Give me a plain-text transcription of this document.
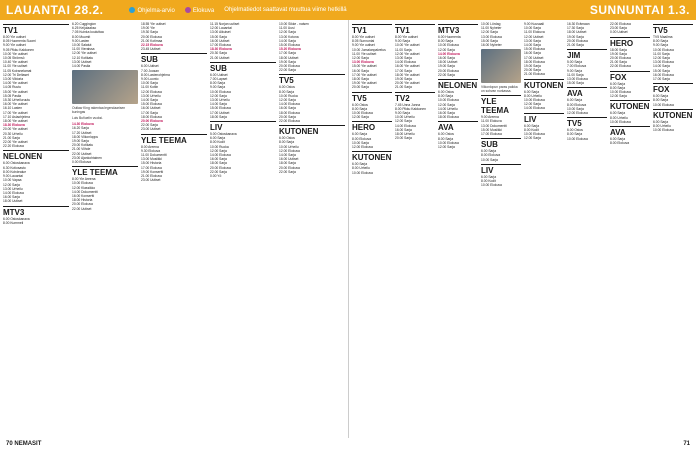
LAUANTAI 28.2.	Ohjelma-arvio	Elokuva Ohjelmatiedot saattavat muuttua viime hetkillä	SUNNUNTAI 1.3.
TV1
8.00 Yle uutiset
8.05 Huomenta Suomi
9.00 Yle uutiset
9.05 Pikku Kakkonen
10.00 Yle uutiset
10.05 Strömsö
10.40 Yle uutiset
11.00 Yle uutiset
11.05 Koiranelamat
12.00 Tri Deltaset
13.00 Viktoria
14.00 Yle uutiset
14.05 Ruutu
15.00 Yle uutiset
15.05 Pasila
15.30 Urheiluruutu
16.00 Yle uutiset
16.10 Lasten
17.00 Yle uutiset
17.10 Asiaohjelma
18.00 Yle uutiset
18.30 Elokuva
20.00 Yle uutiset
20.30 Urheilu
21.00 Sarja
22.00 Yle uutiset
22.20 Elokuva
NELONEN
6.00 Ostoskanava
6.30 Kotiosasto
8.00 Kohdealue
9.00 Lauantai
10.00 Vapaa
12.00 Sarja
13.00 Urheilu
14.00 Elokuva
16.00 Sarja
18.00 Uutiset
MTV3
6.00 Ostoskanava
8.00 Kummeli
6.20 Cuggingion
6.25 Keijulaakso
7.05 Kuinka kouluttaa
8.00 Muumit
9.00 Lasten
10.00 Salatut
11.00 Vieraissa
12.00 Yle uutiset
12.10 Kotikatu
13.00 Uutiset
14.00 Pasila
Outlaw King rakentaa legendaarisen kuningas
Luis Buñuelin vuoksi.
14.30 Elokuva
16.20 Sarja
17.20 Uutiset
18.00 Viikonloppu
19.00 Sarja
20.00 Kotikatu
21.00 Viihde
22.00 Uutiset
23.00 Ajankohtainen
0.00 Elokuva
YLE TEEMA
8.00 Yle Areena
10.00 Elokuva
12.00 Klassikko
14.00 Dokumentti
16.00 Konsertti
18.00 Historia
20.00 Elokuva
22.00 Uutiset
18.55 Yle uutiset
19.00 Yle
19.30 Sarja
20.00 Elokuva
21.00 Kotimaa
22.15 Elokuva
23.45 Uutiset
SUB
6.00 Uutiset
7.00 Joosan
8.00 Lastenohjelma
9.00 Luonto
10.00 Sarja
11.00 Kotiin
12.00 Elokuva
13.00 Urheilu
14.00 Sarja
15.00 Elokuva
16.00 Uutiset
17.00 Sarja
18.00 Elokuva
20.00 Elokuva
22.00 Sarja
23.00 Uutiset
YLE TEEMA
8.00 Areena
9.30 Elokuva
11.00 Dokumentti
13.00 Musiikki
15.00 Historia
17.00 Elokuva
19.00 Konsertti
21.00 Elokuva
23.00 Uutiset
11.15 Norjan uutiset
12.00 Lauantai
13.00 Aikuiset
15.00 Sarja
16.00 Uutiset
17.00 Elokuva
18.30 Elokuva
20.30 Sarja
21.00 Uutiset
SUB
6.00 Uutiset
7.00 Lapset
8.00 Sarja
9.00 Sarja
10.00 Elokuva
12.00 Sarja
13.00 Urheilu
14.00 Sarja
15.00 Elokuva
17.00 Uutiset
18.00 Sarja
LIV
5.00 Ostoskanava
6.00 Sarja
8.00 Kodit
10.00 Ruoka
12.00 Sarja
14.00 Elokuva
16.00 Sarja
18.00 Sarja
20.00 Elokuva
22.00 Sarja
0.00 Yö
10.00 Sikke - naisen
11.00 Uusi
12.00 Sarja
13.00 Kotona
14.00 Sarja
15.00 Elokuva
15.20 Elokuva
17.00 Sarja
18.00 Uutiset
19.00 Sarja
20.00 Elokuva
22.00 Sarja
TV5
6.00 Ostos
8.00 Sarja
10.00 Ruoka
12.00 Sarja
14.00 Elokuva
16.00 Sarja
18.00 Elokuva
20.00 Sarja
22.00 Elokuva
KUTONEN
6.00 Ostos
8.00 Sarja
10.00 Urheilu
12.00 Elokuva
14.00 Sarja
16.00 Uutiset
18.00 Sarja
20.00 Elokuva
22.00 Sarja
TV1
8.00 Yle uutiset
8.05 Sunnuntai
9.00 Yle uutiset
10.00 Jumalanpalvelus
11.00 Yle uutiset
12.00 Sarja
13.00 Elokuva
15.00 Yle uutiset
16.00 Sarja
17.00 Yle uutiset
18.00 Sarja
19.00 Yle uutiset
20.00 Sarja
TV5
6.00 Ostos
8.00 Sarja
10.00 Elokuva
12.00 Sarja
HERO
6.00 Sarja
8.00 Elokuva
10.00 Sarja
12.00 Elokuva
KUTONEN
6.00 Sarja
8.00 Urheilu
10.00 Elokuva
TV1
8.00 Yle uutiset
9.00 Sarja
10.00 Yle uutiset
11.00 Sarja
12.00 Yle uutiset
13.00 Sarja
14.00 Elokuva
16.00 Yle uutiset
17.00 Sarja
18.00 Yle uutiset
19.00 Sarja
20.00 Yle uutiset
21.00 Sarja
TV2
7.45 Unna Junna
8.00 Pikku Kakkonen
9.00 Sarja
10.00 Urheilu
12.00 Sarja
14.00 Elokuva
16.00 Sarja
18.00 Urheilu
20.00 Sarja
MTV3
6.00 Huomenta
8.00 Sarja
10.00 Elokuva
12.00 Sarja
14.00 Elokuva
16.00 Sarja
18.00 Uutiset
19.00 Sarja
20.00 Elokuva
22.00 Sarja
NELONEN
6.00 Ostos
8.00 Sarja
10.00 Elokuva
12.00 Sarja
14.00 Urheilu
16.00 Sarja
18.00 Elokuva
AVA
6.00 Ostos
8.00 Sarja
10.00 Elokuva
12.00 Sarja
10.00 Lördag
11.00 Nyheter
12.00 Sarja
13.00 Elokuva
15.00 Sarja
16.00 Nyheter
Viikonlopun paras paikka on sohvan nurkassa.
YLE TEEMA
9.00 Areena
11.00 Elokuva
13.00 Dokumentti
15.00 Musiikki
17.00 Elokuva
SUB
6.00 Sarja
8.00 Elokuva
10.00 Sarja
LIV
6.00 Sarja
8.00 Kodit
10.00 Elokuva
9.00 Kuusaali
10.00 Sarja
11.00 Elokuva
12.00 Uutiset
13.00 Sarja
14.00 Sarja
15.00 Elokuva
16.00 Sarja
17.00 Uutiset
18.00 Elokuva
19.00 Sarja
20.00 Sarja
21.00 Elokuva
KUTONEN
6.00 Sarja
8.00 Urheilu
10.00 Elokuva
12.00 Sarja
14.00 Elokuva
LIV
6.00 Sarja
8.00 Kodit
10.00 Elokuva
12.00 Sarja
16.30 Erämaan
17.30 Sarja
18.00 Uutiset
19.00 Sarja
20.00 Elokuva
21.00 Sarja
JIM
5.00 Sarja
7.00 Elokuva
9.00 Sarja
11.00 Sarja
13.00 Elokuva
15.00 Sarja
AVA
6.00 Sarja
8.00 Elokuva
10.00 Sarja
12.00 Elokuva
TV5
6.00 Ostos
8.00 Sarja
10.00 Elokuva
22.00 Elokuva
23.00 Sarja
0.00 Uutiset
HERO
18.00 Sarja
19.00 Sarja
20.00 Elokuva
21.00 Sarja
22.00 Elokuva
FOX
6.00 Sarja
8.00 Sarja
10.00 Elokuva
12.00 Sarja
KUTONEN
6.00 Sarja
8.00 Urheilu
10.00 Elokuva
AVA
6.00 Sarja
8.00 Elokuva
TV5
TV5 Maailma
8.00 Sarja
9.00 Sarja
10.00 Elokuva
11.00 Sarja
12.00 Sarja
13.00 Elokuva
14.00 Sarja
15.00 Sarja
16.00 Elokuva
17.00 Sarja
FOX
6.00 Sarja
8.00 Sarja
10.00 Elokuva
KUTONEN
6.00 Sarja
8.00 Urheilu
10.00 Elokuva
70 NEMASIT	71
